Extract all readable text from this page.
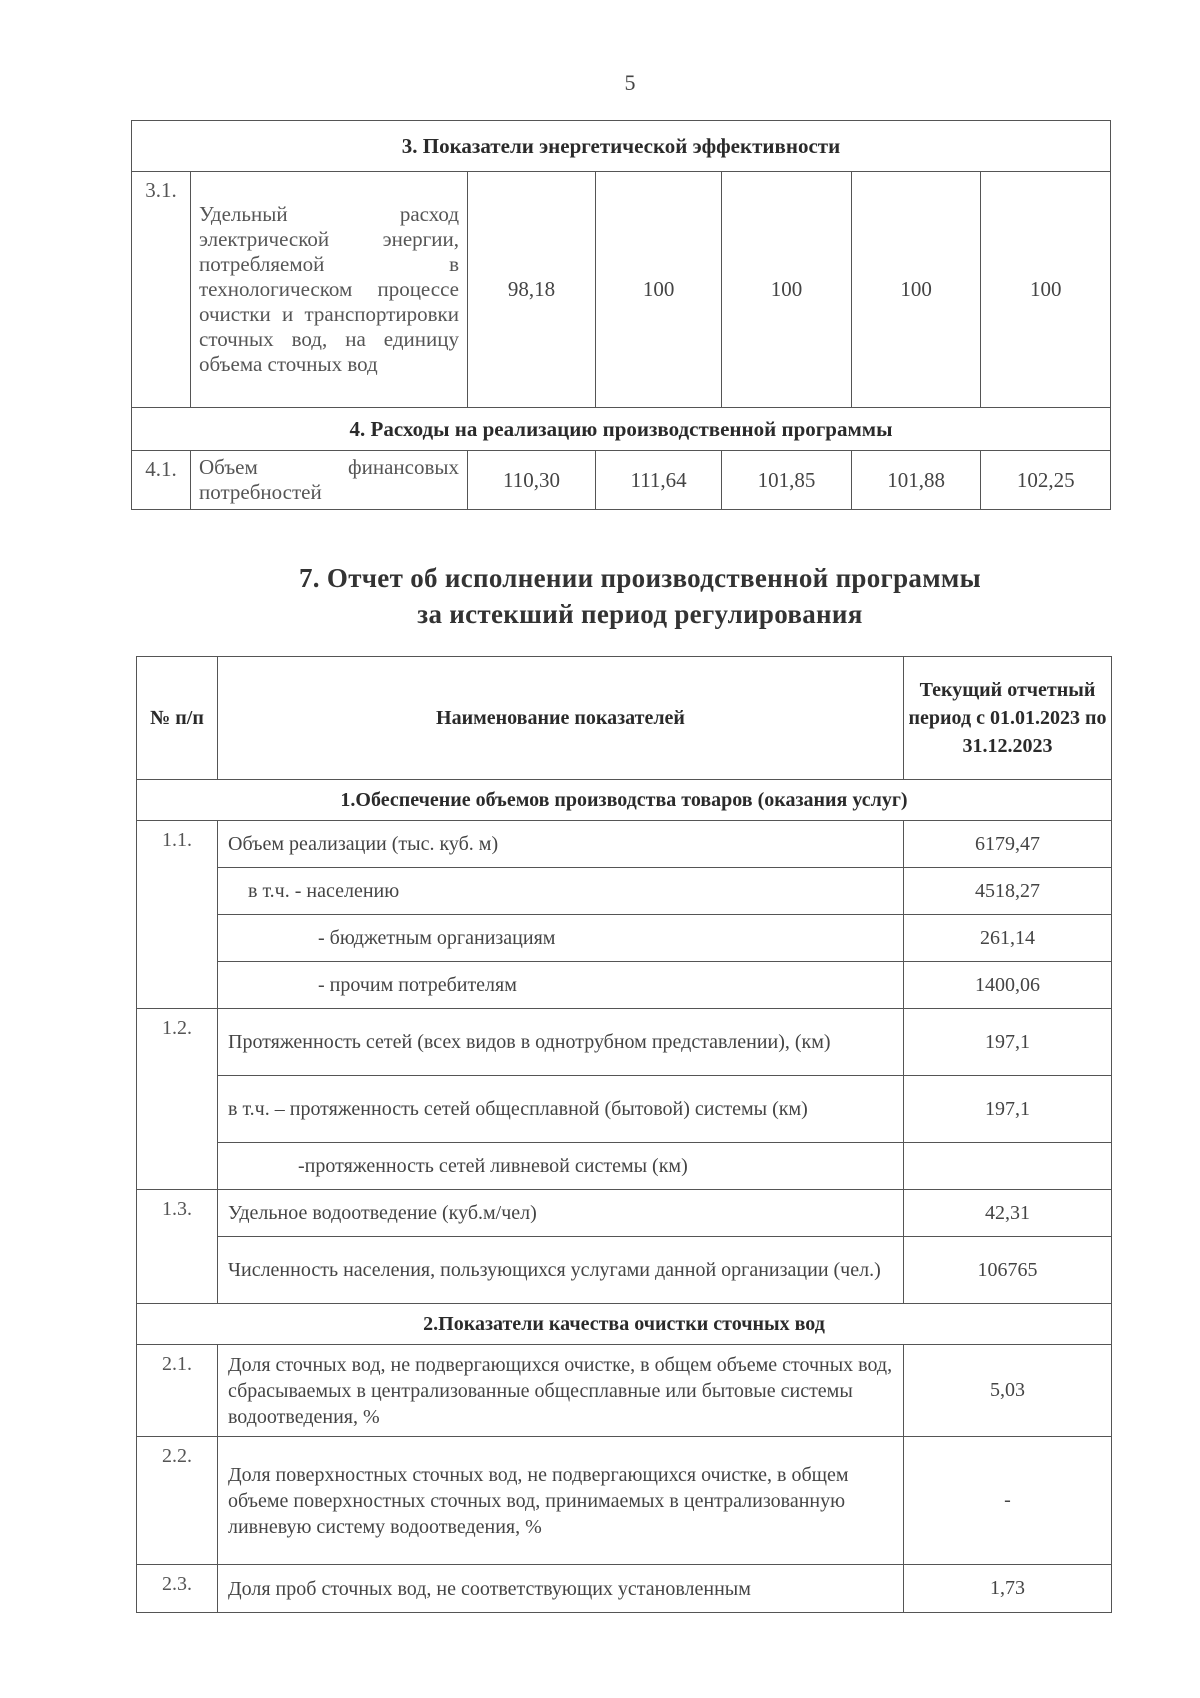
5
3. Показатели энергетической эффективности						
3.1.	Удельный расход электрической энергии, потребляемой в технологическом процессе очистки и транспортировки сточных вод, на единицу объема сточных вод	98,18	100	100	100	100
4. Расходы на реализацию производственной программы						
4.1.	Объем финансовых потребностей	110,30	111,64	101,85	101,88	102,25
7. Отчет об исполнении производственной программы
за истекший период регулирования
№ п/п	Наименование показателей	Текущий отчетный период с 01.01.2023 по 31.12.2023
1.Обеспечение объемов производства товаров (оказания услуг)		
1.1.	Объем реализации (тыс. куб. м)	6179,47
	в т.ч. - населению	4518,27
	- бюджетным организациям	261,14
	- прочим потребителям	1400,06
1.2.	Протяженность сетей (всех видов в однотрубном представлении), (км)	197,1
	в т.ч. – протяженность сетей общесплавной (бытовой) системы (км)	197,1
	-протяженность сетей ливневой системы (км)	
1.3.	Удельное водоотведение (куб.м/чел)	42,31
	Численность населения, пользующихся услугами данной организации (чел.)	106765
2.Показатели качества очистки сточных вод		
2.1.	Доля сточных вод, не подвергающихся очистке, в общем объеме сточных вод, сбрасываемых в централизованные общесплавные или бытовые системы водоотведения, %	5,03
2.2.	Доля поверхностных сточных вод, не подвергающихся очистке, в общем объеме поверхностных сточных вод, принимаемых в централизованную ливневую систему водоотведения, %	-
2.3.	Доля проб сточных вод, не соответствующих установленным	1,73
